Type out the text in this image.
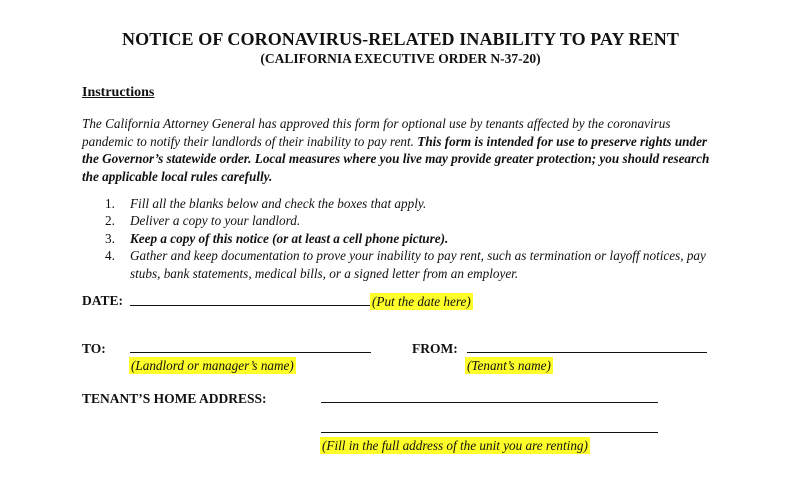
NOTICE OF CORONAVIRUS-RELATED INABILITY TO PAY RENT
(CALIFORNIA EXECUTIVE ORDER N-37-20)
Instructions
The California Attorney General has approved this form for optional use by tenants affected by the coronavirus pandemic to notify their landlords of their inability to pay rent. This form is intended for use to preserve rights under the Governor’s statewide order. Local measures where you live may provide greater protection; you should research the applicable local rules carefully.
1. Fill all the blanks below and check the boxes that apply.
2. Deliver a copy to your landlord.
3. Keep a copy of this notice (or at least a cell phone picture).
4. Gather and keep documentation to prove your inability to pay rent, such as termination or layoff notices, pay stubs, bank statements, medical bills, or a signed letter from an employer.
DATE:	(Put the date here)
TO:
(Landlord or manager’s name)
FROM:
(Tenant’s name)
TENANT’S HOME ADDRESS:
(Fill in the full address of the unit you are renting)
